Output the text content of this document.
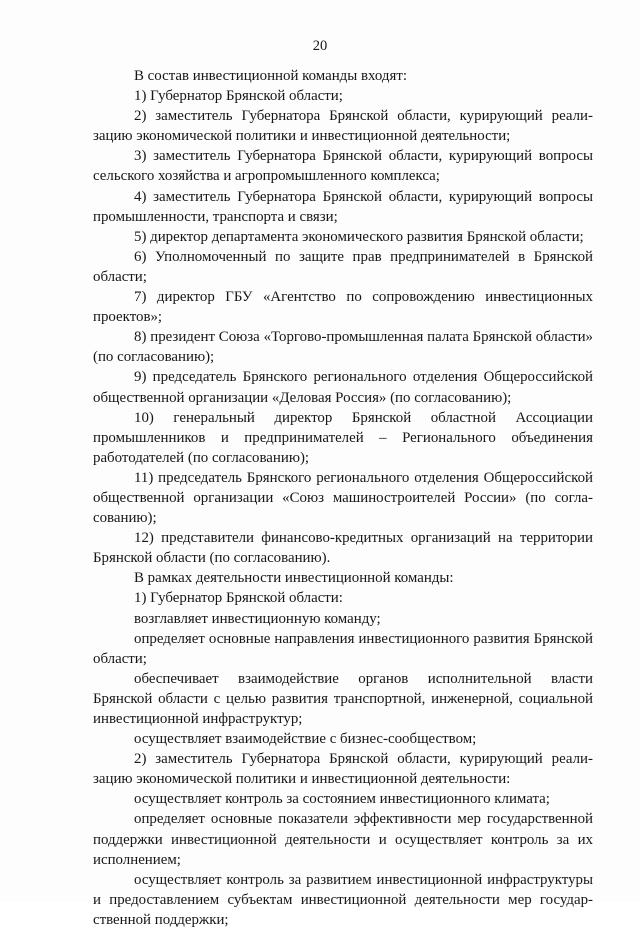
20

В состав инвестиционной команды входят:

1) Губернатор Брянской области;

2) заместитель Губернатора Брянской области, курирующий реализацию экономической политики и инвестиционной деятельности;

3) заместитель Губернатора Брянской области, курирующий вопросы сельского хозяйства и агропромышленного комплекса;

4) заместитель Губернатора Брянской области, курирующий вопросы промышленности, транспорта и связи;

5) директор департамента экономического развития Брянской области;

6) Уполномоченный по защите прав предпринимателей в Брянской области;

7) директор ГБУ «Агентство по сопровождению инвестиционных проектов»;

8) президент Союза «Торгово-промышленная палата Брянской области» (по согласованию);

9) председатель Брянского регионального отделения Общероссийской общественной организации «Деловая Россия» (по согласованию);

10) генеральный директор Брянской областной Ассоциации промышленников и предпринимателей – Регионального объединения работодателей (по согласованию);

11) председатель Брянского регионального отделения Общероссийской общественной организации «Союз машиностроителей России» (по согласованию);

12) представители финансово-кредитных организаций на территории Брянской области (по согласованию).

В рамках деятельности инвестиционной команды:

1) Губернатор Брянской области:

возглавляет инвестиционную команду;

определяет основные направления инвестиционного развития Брянской области;

обеспечивает взаимодействие органов исполнительной власти Брянской области с целью развития транспортной, инженерной, социальной инвестиционной инфраструктур;

осуществляет взаимодействие с бизнес-сообществом;

2) заместитель Губернатора Брянской области, курирующий реализацию экономической политики и инвестиционной деятельности:

осуществляет контроль за состоянием инвестиционного климата;

определяет основные показатели эффективности мер государственной поддержки инвестиционной деятельности и осуществляет контроль за их исполнением;

осуществляет контроль за развитием инвестиционной инфраструктуры и предоставлением субъектам инвестиционной деятельности мер государственной поддержки;
